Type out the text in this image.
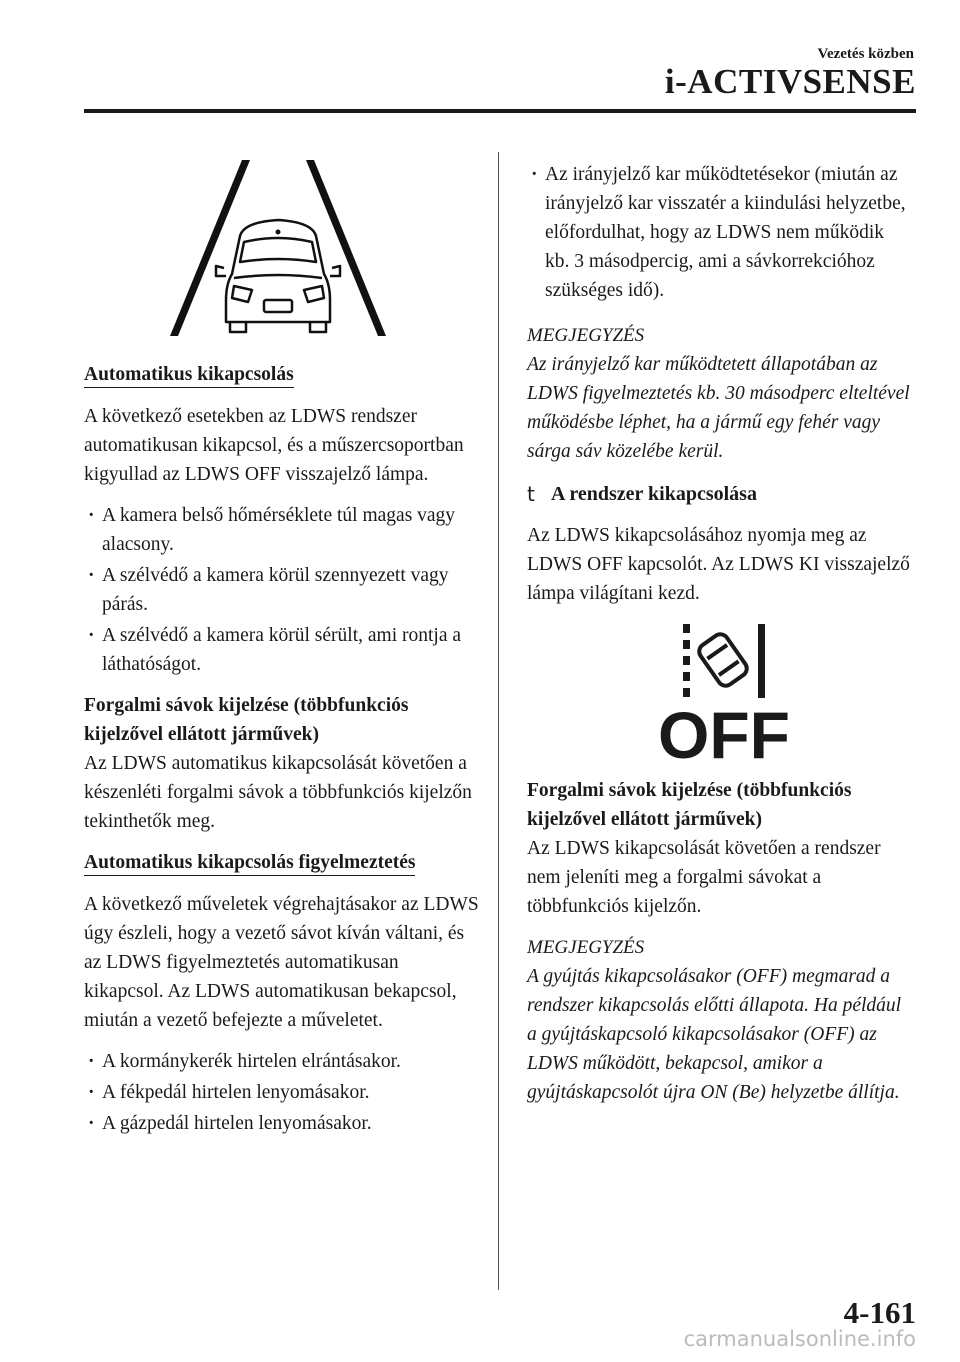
Vezetés közben
i-ACTIVSENSE
Automatikus kikapcsolás

A következő esetekben az LDWS rendszer automatikusan kikapcsol, és a műszercsoportban kigyullad az LDWS OFF visszajelző lámpa.

· A kamera belső hőmérséklete túl magas vagy alacsony.

· A szélvédő a kamera körül szennyezett vagy párás.

· A szélvédő a kamera körül sérült, ami rontja a láthatóságot.

Forgalmi sávok kijelzése (többfunkciós kijelzővel ellátott járművek)

Az LDWS automatikus kikapcsolását követően a készenléti forgalmi sávok a többfunkciós kijelzőn tekinthetők meg.

Automatikus kikapcsolás figyelmeztetés

A következő műveletek végrehajtásakor az LDWS úgy észleli, hogy a vezető sávot kíván váltani, és az LDWS figyelmeztetés automatikusan kikapcsol. Az LDWS automatikusan bekapcsol, miután a vezető befejezte a műveletet.

· A kormánykerék hirtelen elrántásakor.

· A fékpedál hirtelen lenyomásakor.

· A gázpedál hirtelen lenyomásakor.

· Az irányjelző kar működtetésekor (miután az irányjelző kar visszatér a kiindulási helyzetbe, előfordulhat, hogy az LDWS nem működik kb. 3 másodpercig, ami a sávkorrekcióhoz szükséges idő).

MEGJEGYZÉS

Az irányjelző kar működtetett állapotában az LDWS figyelmeztetés kb. 30 másodperc elteltével működésbe léphet, ha a jármű egy fehér vagy sárga sáv közelébe kerül.

t A rendszer kikapcsolása

Az LDWS kikapcsolásához nyomja meg az LDWS OFF kapcsolót. Az LDWS KI visszajelző lámpa világítani kezd.

OFF

Forgalmi sávok kijelzése (többfunkciós kijelzővel ellátott járművek)

Az LDWS kikapcsolását követően a rendszer nem jeleníti meg a forgalmi sávokat a többfunkciós kijelzőn.

MEGJEGYZÉS

A gyújtás kikapcsolásakor (OFF) megmarad a rendszer kikapcsolás előtti állapota. Ha például a gyújtáskapcsoló kikapcsolásakor (OFF) az LDWS működött, bekapcsol, amikor a gyújtáskapcsolót újra ON (Be) helyzetbe állítja.

4-161
carmanualsonline.info
